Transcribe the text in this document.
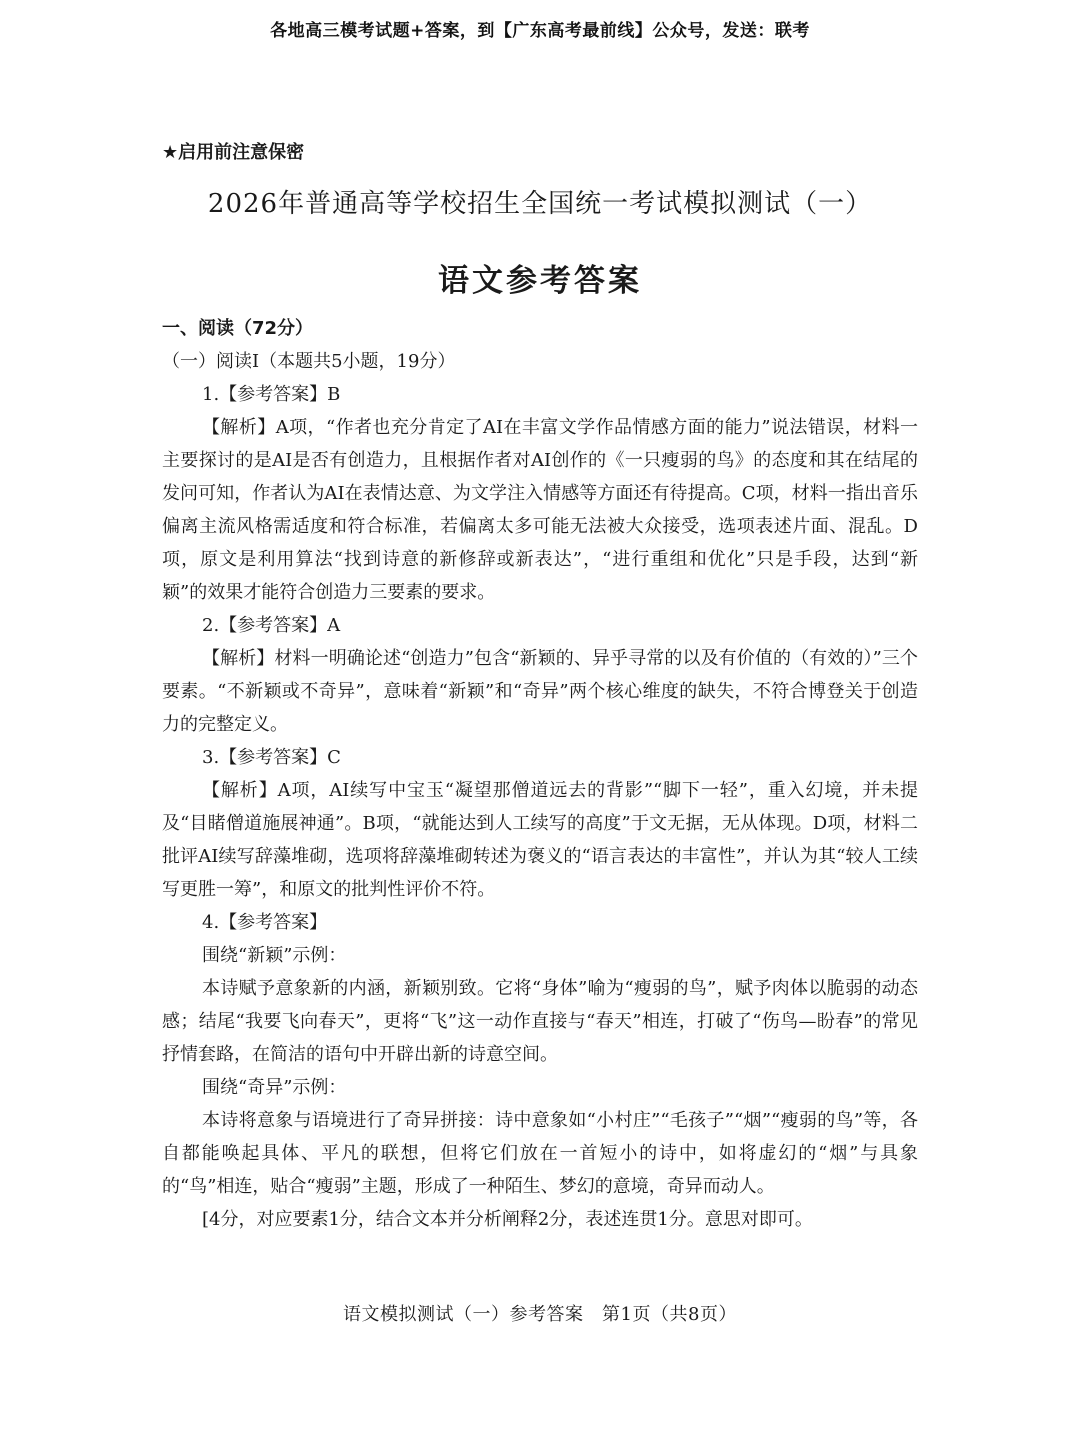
各地高三模考试题+答案，到【广东高考最前线】公众号，发送：联考
★启用前注意保密
2026年普通高等学校招生全国统一考试模拟测试（一）
语文参考答案

一、阅读（72分）

（一）阅读Ⅰ（本题共5小题，19分）

1.【参考答案】B

【解析】A项，“作者也充分肯定了AI在丰富文学作品情感方面的能力”说法错误，材料一主要探讨的是AI是否有创造力，且根据作者对AI创作的《一只瘦弱的鸟》的态度和其在结尾的发问可知，作者认为AI在表情达意、为文学注入情感等方面还有待提高。C项，材料一指出音乐偏离主流风格需适度和符合标准，若偏离太多可能无法被大众接受，选项表述片面、混乱。D项，原文是利用算法“找到诗意的新修辞或新表达”，“进行重组和优化”只是手段，达到“新颖”的效果才能符合创造力三要素的要求。

2.【参考答案】A

【解析】材料一明确论述“创造力”包含“新颖的、异乎寻常的以及有价值的（有效的）”三个要素。“不新颖或不奇异”，意味着“新颖”和“奇异”两个核心维度的缺失，不符合博登关于创造力的完整定义。

3.【参考答案】C

【解析】A项，AI续写中宝玉“凝望那僧道远去的背影”“脚下一轻”，重入幻境，并未提及“目睹僧道施展神通”。B项，“就能达到人工续写的高度”于文无据，无从体现。D项，材料二批评AI续写辞藻堆砌，选项将辞藻堆砌转述为褒义的“语言表达的丰富性”，并认为其“较人工续写更胜一筹”，和原文的批判性评价不符。

4.【参考答案】

围绕“新颖”示例：

本诗赋予意象新的内涵，新颖别致。它将“身体”喻为“瘦弱的鸟”，赋予肉体以脆弱的动态感；结尾“我要飞向春天”，更将“飞”这一动作直接与“春天”相连，打破了“伤鸟—盼春”的常见抒情套路，在简洁的语句中开辟出新的诗意空间。

围绕“奇异”示例：

本诗将意象与语境进行了奇异拼接：诗中意象如“小村庄”“毛孩子”“烟”“瘦弱的鸟”等，各自都能唤起具体、平凡的联想，但将它们放在一首短小的诗中，如将虚幻的“烟”与具象的“鸟”相连，贴合“瘦弱”主题，形成了一种陌生、梦幻的意境，奇异而动人。

[4分，对应要素1分，结合文本并分析阐释2分，表述连贯1分。意思对即可。

语文模拟测试（一）参考答案　第1页（共8页）
